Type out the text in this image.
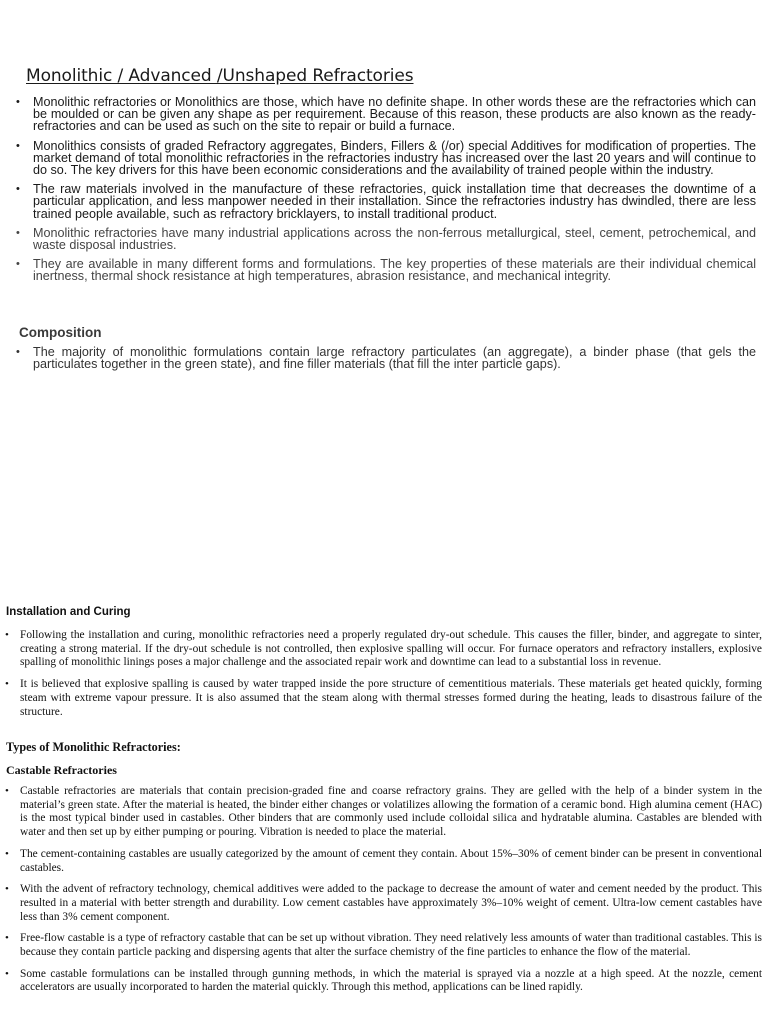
Monolithic / Advanced /Unshaped Refractories
• Monolithic refractories or Monolithics are those, which have no definite shape. In other words these are the refractories which can be moulded or can be given any shape as per requirement. Because of this reason, these products are also known as the ready-refractories and can be used as such on the site to repair or build a furnace.
• Monolithics consists of graded Refractory aggregates, Binders, Fillers & (/or) special Additives for modification of properties. The market demand of total monolithic refractories in the refractories industry has increased over the last 20 years and will continue to do so. The key drivers for this have been economic considerations and the availability of trained people within the industry.
• The raw materials involved in the manufacture of these refractories, quick installation time that decreases the downtime of a particular application, and less manpower needed in their installation. Since the refractories industry has dwindled, there are less trained people available, such as refractory bricklayers, to install traditional product.
• Monolithic refractories have many industrial applications across the non-ferrous metallurgical, steel, cement, petrochemical, and waste disposal industries.
• They are available in many different forms and formulations. The key properties of these materials are their individual chemical inertness, thermal shock resistance at high temperatures, abrasion resistance, and mechanical integrity.
Composition
• The majority of monolithic formulations contain large refractory particulates (an aggregate), a binder phase (that gels the particulates together in the green state), and fine filler materials (that fill the inter particle gaps).
Installation and Curing
• Following the installation and curing, monolithic refractories need a properly regulated dry-out schedule. This causes the filler, binder, and aggregate to sinter, creating a strong material. If the dry-out schedule is not controlled, then explosive spalling will occur. For furnace operators and refractory installers, explosive spalling of monolithic linings poses a major challenge and the associated repair work and downtime can lead to a substantial loss in revenue.
• It is believed that explosive spalling is caused by water trapped inside the pore structure of cementitious materials. These materials get heated quickly, forming steam with extreme vapour pressure. It is also assumed that the steam along with thermal stresses formed during the heating, leads to disastrous failure of the structure.
Types of Monolithic Refractories:
Castable Refractories
• Castable refractories are materials that contain precision-graded fine and coarse refractory grains. They are gelled with the help of a binder system in the material’s green state. After the material is heated, the binder either changes or volatilizes allowing the formation of a ceramic bond. High alumina cement (HAC) is the most typical binder used in castables. Other binders that are commonly used include colloidal silica and hydratable alumina. Castables are blended with water and then set up by either pumping or pouring. Vibration is needed to place the material.
• The cement-containing castables are usually categorized by the amount of cement they contain. About 15%–30% of cement binder can be present in conventional castables.
• With the advent of refractory technology, chemical additives were added to the package to decrease the amount of water and cement needed by the product. This resulted in a material with better strength and durability. Low cement castables have approximately 3%–10% weight of cement. Ultra-low cement castables have less than 3% cement component.
• Free-flow castable is a type of refractory castable that can be set up without vibration. They need relatively less amounts of water than traditional castables. This is because they contain particle packing and dispersing agents that alter the surface chemistry of the fine particles to enhance the flow of the material.
• Some castable formulations can be installed through gunning methods, in which the material is sprayed via a nozzle at a high speed. At the nozzle, cement accelerators are usually incorporated to harden the material quickly. Through this method, applications can be lined rapidly.
